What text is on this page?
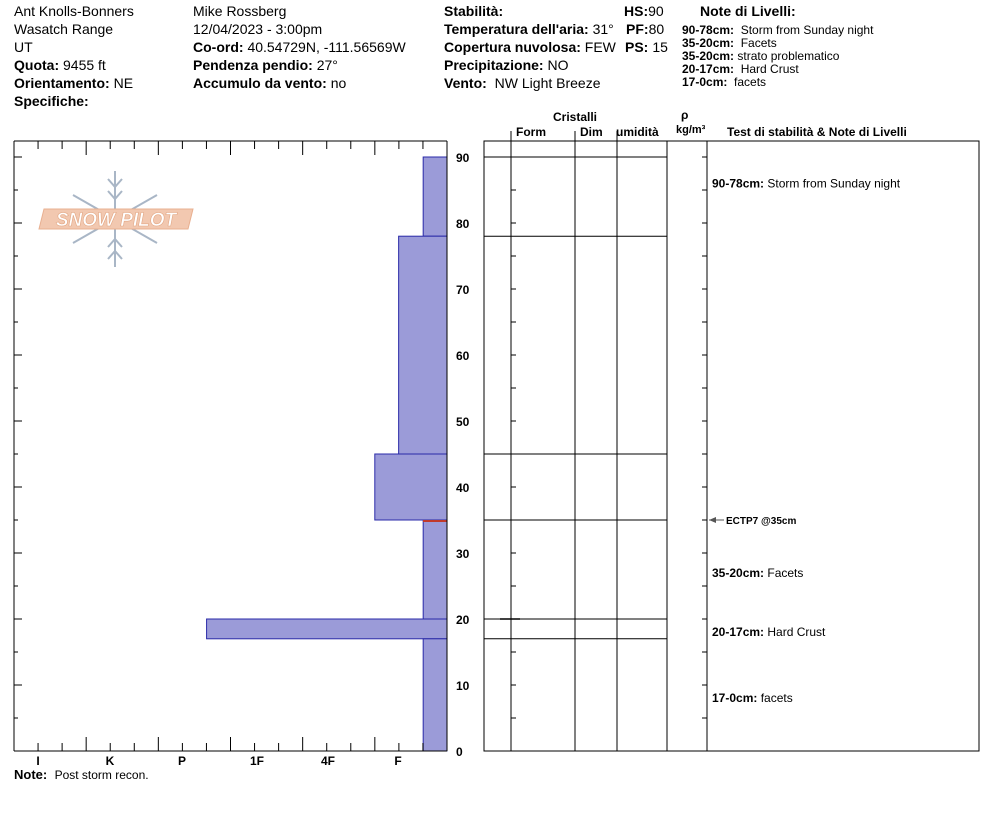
Ant Knolls-Bonners
Wasatch Range
UT
Quota: 9455 ft
Orientamento: NE
Specifiche:
Mike Rossberg
12/04/2023 - 3:00pm
Co-ord: 40.54729N, -111.56569W
Pendenza pendio: 27°
Accumulo da vento: no
Stabilità:
Temperatura dell'aria: 31°
Copertura nuvolosa: FEW
Precipitazione: NO
Vento: NW Light Breeze
HS:90
PF:80
PS: 15
Note di Livelli:
90-78cm: Storm from Sunday night
35-20cm: Facets
35-20cm: strato problematico
20-17cm: Hard Crust
17-0cm: facets
Cristalli
Form	Dim umidità
ρ
kg/m³ Test di stabilità & Note di Livelli
SNOW PILOT
I	K	P	1F	4F	F
0
10
20
30
40
50
60
70
80
90
ECTP7 @35cm
90-78cm: Storm from Sunday night
35-20cm: Facets
20-17cm: Hard Crust
17-0cm: facets
Note: Post storm recon.
